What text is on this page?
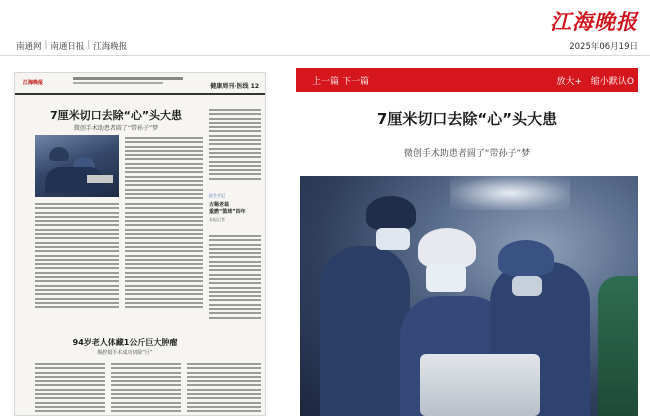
江海晚报
南通网 | 南通日报 | 江海晚报	2025年06月19日
江海晚报	健康周刊·医线 12
7厘米切口去除“心”头大患
微创手术助患者圆了“带孙子”梦
医生手记
古稀老翁
重燃“篮球”四年
本报记者
94岁老人体藏1公斤巨大肿瘤
腹腔镜手术成功切除“巨”
上一篇 下一篇	放大+ 缩小-
默认O
7厘米切口去除“心”头大患
微创手术助患者圆了“带孙子”梦
